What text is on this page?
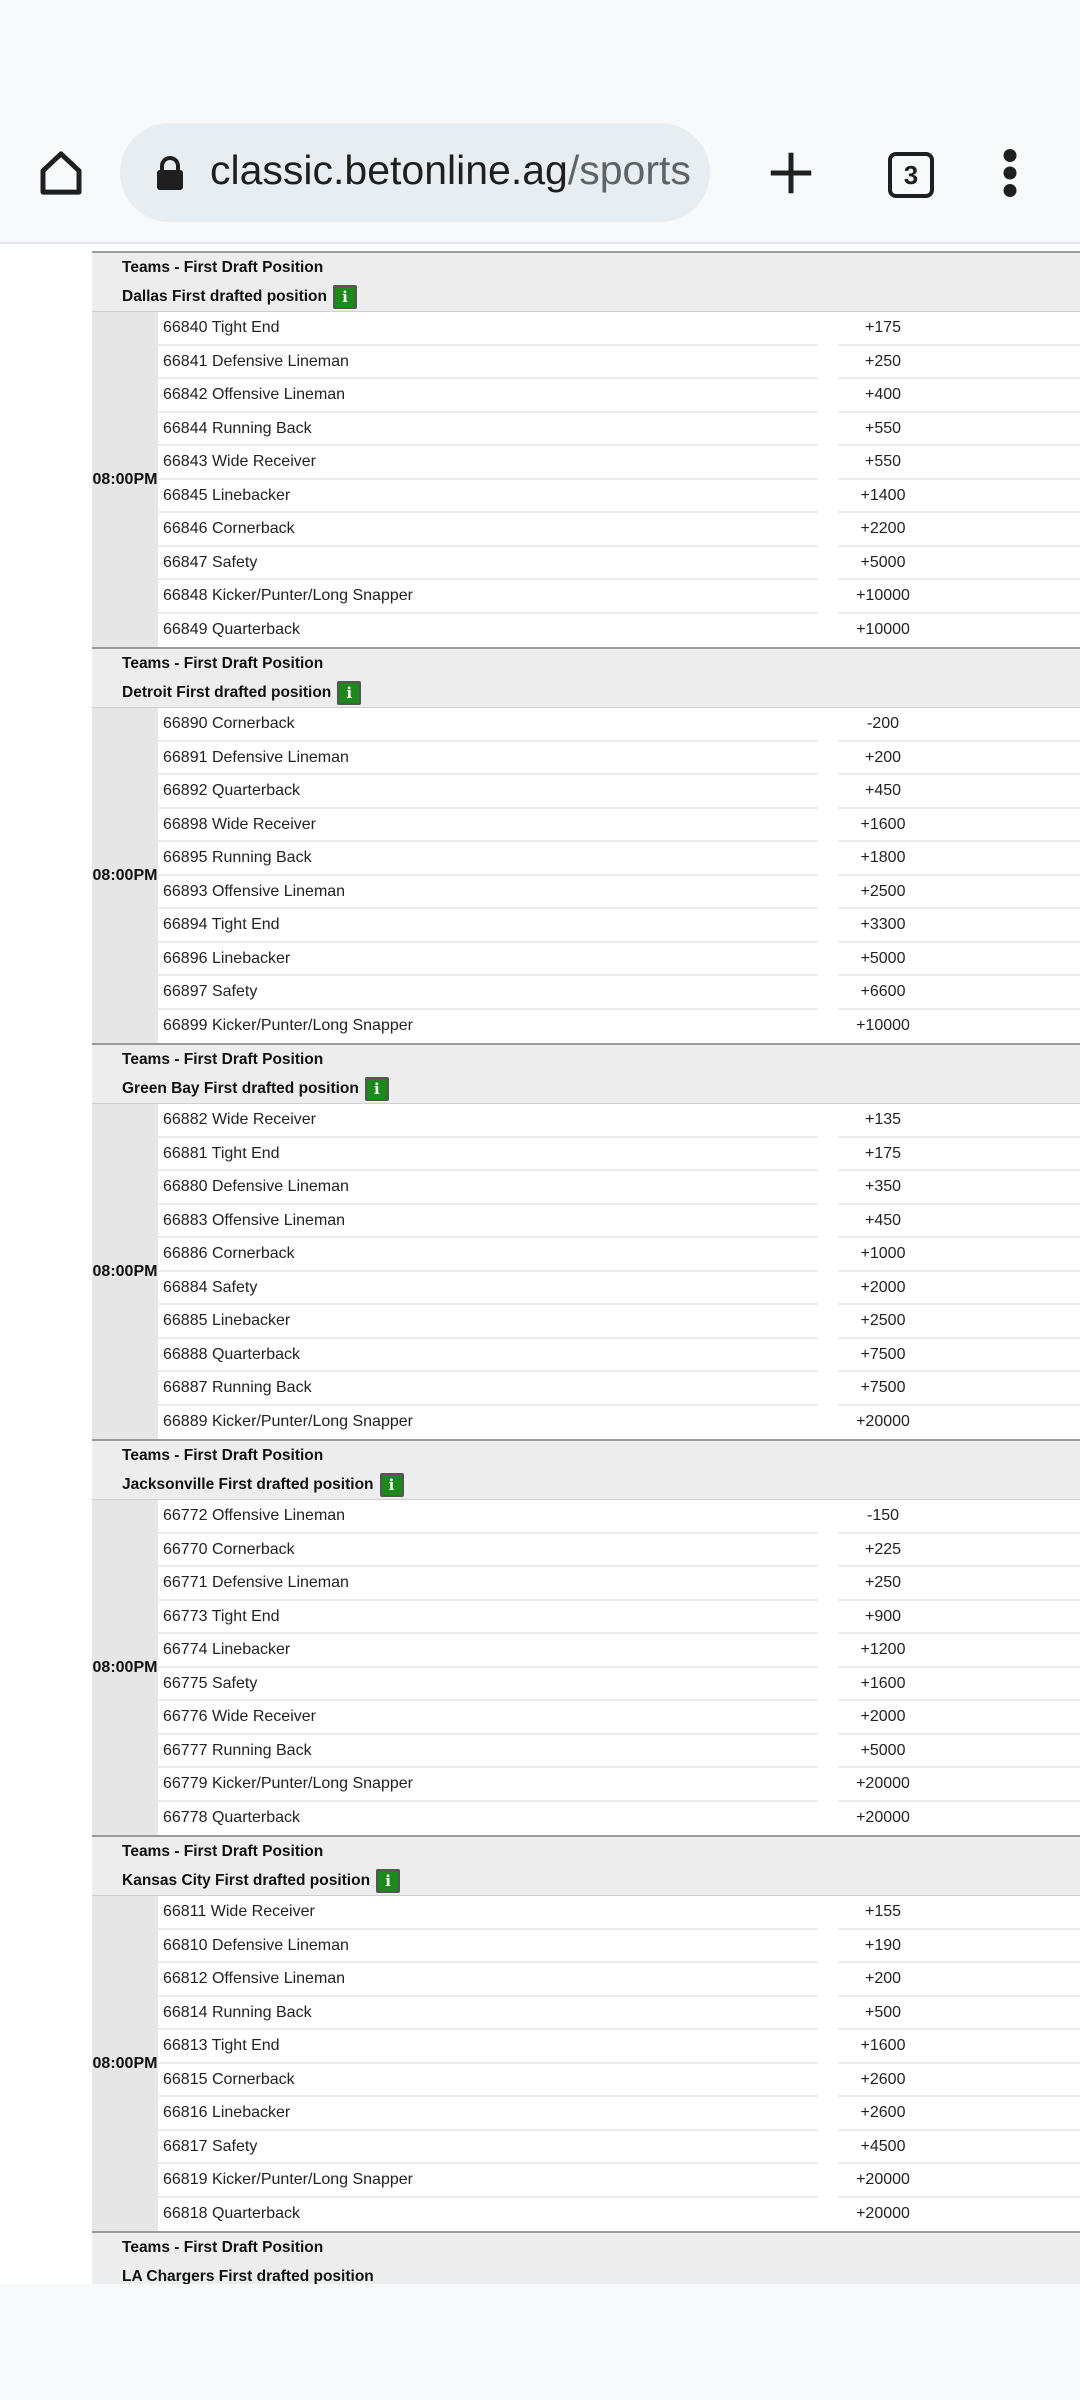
classic.betonline.ag/sports	3
Teams - First Draft Position
Dallas First drafted position i
08:00 PM
66840 Tight End	+175
66841 Defensive Lineman	+250
66842 Offensive Lineman	+400
66844 Running Back	+550
66843 Wide Receiver	+550
66845 Linebacker	+1400
66846 Cornerback	+2200
66847 Safety	+5000
66848 Kicker/Punter/Long Snapper	+10000
66849 Quarterback	+10000
Teams - First Draft Position
Detroit First drafted position i
08:00 PM
66890 Cornerback	-200
66891 Defensive Lineman	+200
66892 Quarterback	+450
66898 Wide Receiver	+1600
66895 Running Back	+1800
66893 Offensive Lineman	+2500
66894 Tight End	+3300
66896 Linebacker	+5000
66897 Safety	+6600
66899 Kicker/Punter/Long Snapper	+10000
Teams - First Draft Position
Green Bay First drafted position i
08:00 PM
66882 Wide Receiver	+135
66881 Tight End	+175
66880 Defensive Lineman	+350
66883 Offensive Lineman	+450
66886 Cornerback	+1000
66884 Safety	+2000
66885 Linebacker	+2500
66888 Quarterback	+7500
66887 Running Back	+7500
66889 Kicker/Punter/Long Snapper	+20000
Teams - First Draft Position
Jacksonville First drafted position i
08:00 PM
66772 Offensive Lineman	-150
66770 Cornerback	+225
66771 Defensive Lineman	+250
66773 Tight End	+900
66774 Linebacker	+1200
66775 Safety	+1600
66776 Wide Receiver	+2000
66777 Running Back	+5000
66779 Kicker/Punter/Long Snapper	+20000
66778 Quarterback	+20000
Teams - First Draft Position
Kansas City First drafted position i
08:00 PM
66811 Wide Receiver	+155
66810 Defensive Lineman	+190
66812 Offensive Lineman	+200
66814 Running Back	+500
66813 Tight End	+1600
66815 Cornerback	+2600
66816 Linebacker	+2600
66817 Safety	+4500
66819 Kicker/Punter/Long Snapper	+20000
66818 Quarterback	+20000
Teams - First Draft Position
LA Chargers First drafted position
